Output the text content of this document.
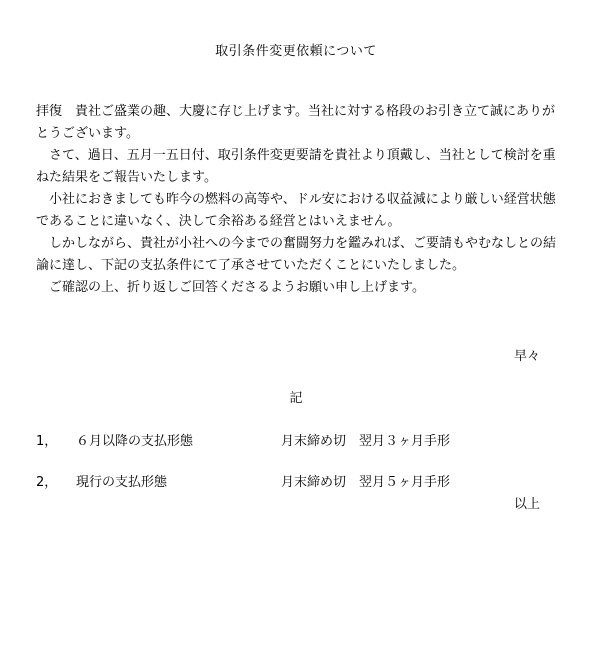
取引条件変更依頼について

拝復　貴社ご盛業の趣、大慶に存じ上げます。当社に対する格段のお引き立て誠にありがとうございます。

　さて、過日、五月一五日付、取引条件変更要請を貴社より頂戴し、当社として検討を重ねた結果をご報告いたします。

　小社におきましても昨今の燃料の高等や、ドル安における収益減により厳しい経営状態であることに違いなく、決して余裕ある経営とはいえません。

　しかしながら、貴社が小社への今までの奮闘努力を鑑みれば、ご要請もやむなしとの結論に達し、下記の支払条件にて了承させていただくことにいたしました。

　ご確認の上、折り返しご回答くださるようお願い申し上げます。

早々
記
1， ６月以降の支払形態	月末締め切　翌月３ヶ月手形
2， 現行の支払形態	月末締め切　翌月５ヶ月手形
以上
